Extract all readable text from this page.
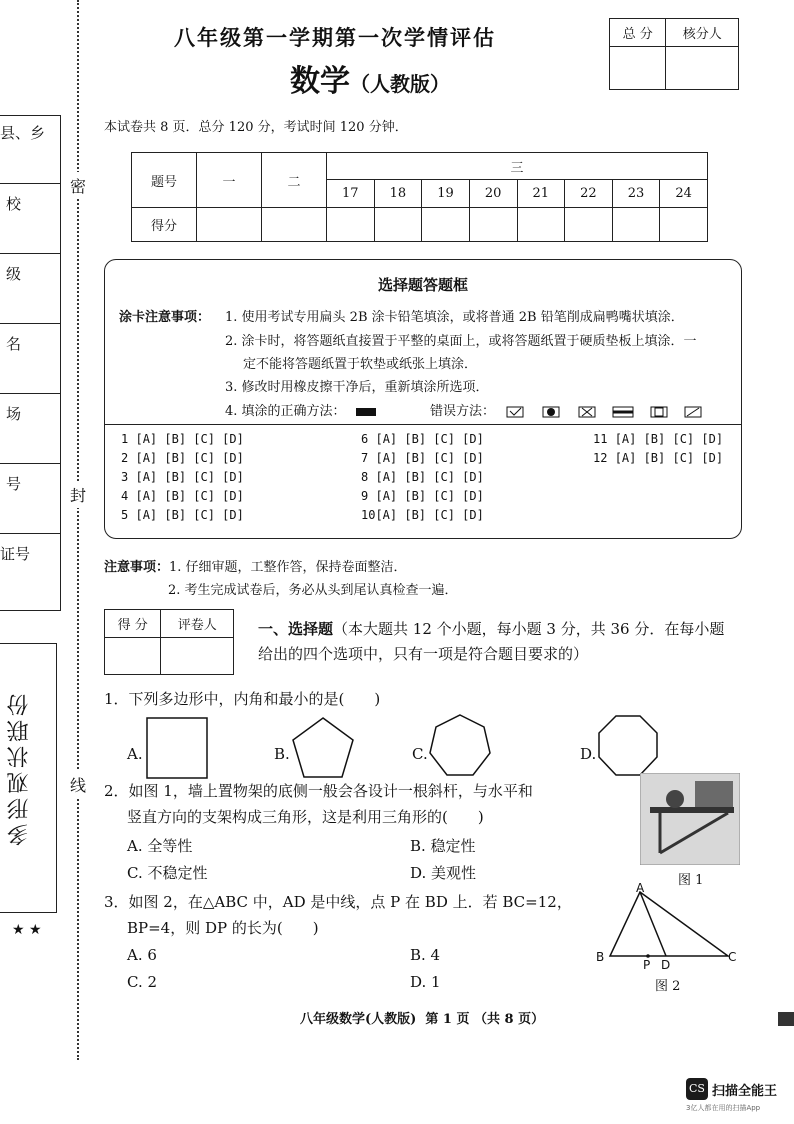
县、乡
校
级
名
场
号
证号
多形观状联份
★ ★
密
封
线
八年级第一学期第一次学情评估
数学（人教版）
总 分	核分人

本试卷共 8 页．总分 120 分，考试时间 120 分钟．
题号	一	二	三							
			17	18	19	20	21	22	23	24
得分										
选择题答题框
涂卡注意事项： 1. 使用考试专用扁头 2B 涂卡铅笔填涂，或将普通 2B 铅笔削成扁鸭嘴状填涂．
2. 涂卡时，将答题纸直接置于平整的桌面上，或将答题纸置于硬质垫板上填涂．一
定不能将答题纸置于软垫或纸张上填涂．
3. 修改时用橡皮擦干净后，重新填涂所选项．
4. 填涂的正确方法：	错误方法：
1 [A] [B] [C] [D]
2 [A] [B] [C] [D]
3 [A] [B] [C] [D]
4 [A] [B] [C] [D]
5 [A] [B] [C] [D]
6 [A] [B] [C] [D]
7 [A] [B] [C] [D]
8 [A] [B] [C] [D]
9 [A] [B] [C] [D]
10[A] [B] [C] [D]
11 [A] [B] [C] [D]
12 [A] [B] [C] [D]
注意事项：1. 仔细审题，工整作答，保持卷面整洁．
2. 考生完成试卷后，务必从头到尾认真检查一遍．
得 分	评卷人
		一、选择题（本大题共 12 个小题，每小题 3 分，共 36 分．在每小题
给出的四个选项中，只有一项是符合题目要求的）
1．下列多边形中，内角和最小的是(　　)
A.	B.	C.	D.
2．如图 1，墙上置物架的底侧一般会各设计一根斜杆，与水平和
竖直方向的支架构成三角形，这是利用三角形的(　　)
A. 全等性	B. 稳定性
C. 不稳定性	D. 美观性	图 1
3．如图 2，在△ABC 中，AD 是中线，点 P 在 BD 上．若 BC=12，
BP=4，则 DP 的长为(　　)
A. 6	B. 4
C. 2	D. 1
A
B	C
P D
图 2
八年级数学(人教版)  第 1 页 （共 8 页）
CS 扫描全能王
3亿人都在用的扫描App
